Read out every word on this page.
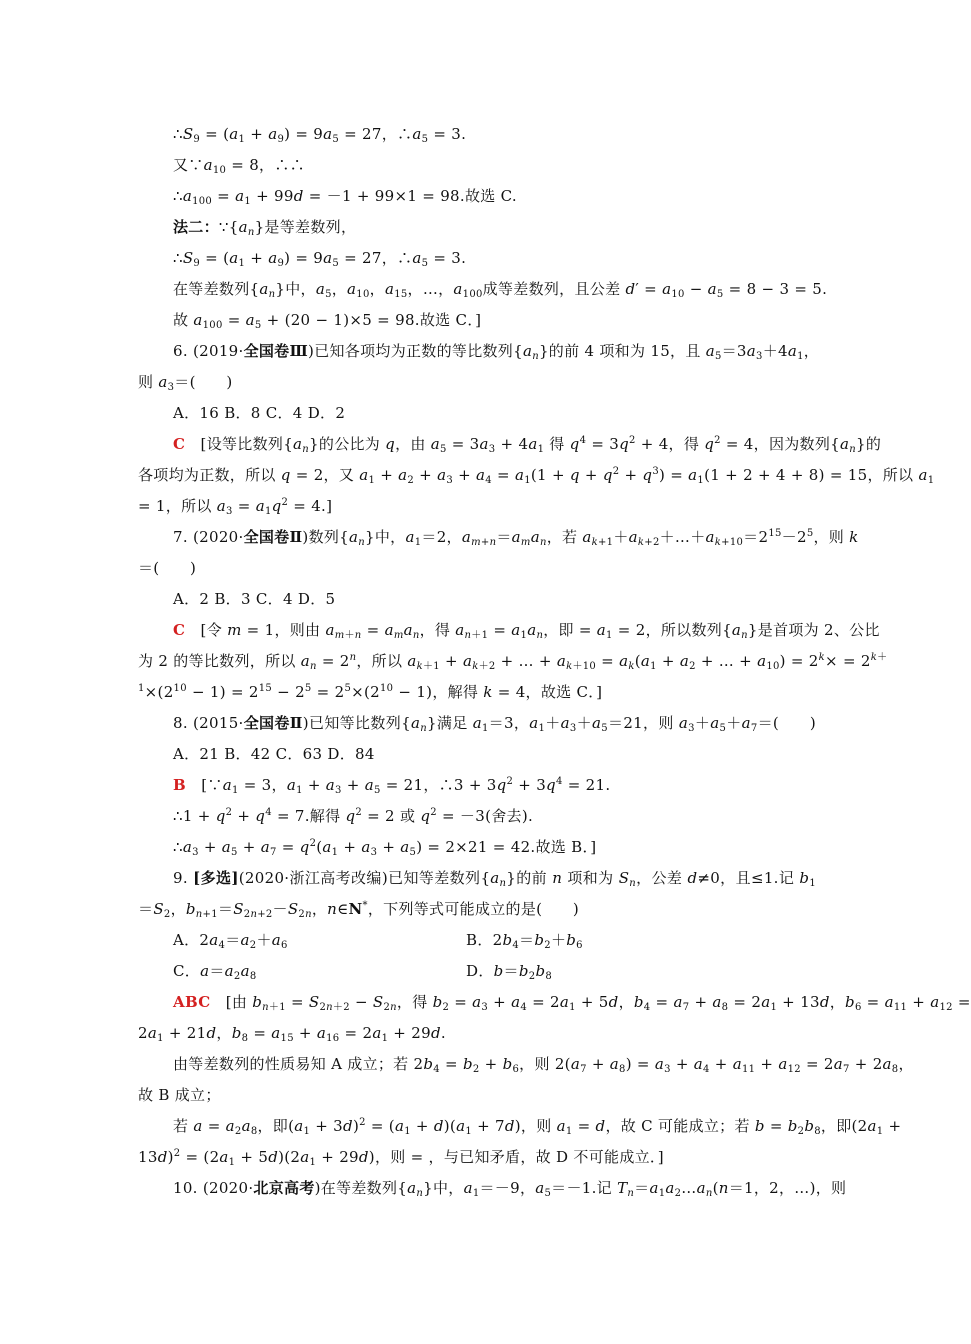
$\therefore S_9 = (a_1 + a_9) = 9a_5 = 27$，$\therefore a_5 = 3$.
又$\because a_{10} = 8$，∴∴
$\therefore a_{100} = a_1 + 99d = -1 + 99\times 1 = 98$.故选 C.
法二：$\because\{a_n\}$是等差数列，
$\therefore S_9 = (a_1 + a_9) = 9a_5 = 27$，$\therefore a_5 = 3$.
在等差数列$\{a_n\}$中，$a_5$，$a_{10}$，$a_{15}$，…，$a_{100}$成等差数列，且公差 $d' = a_{10} - a_5 = 8 - 3 = 5$.
故 $a_{100} = a_5 + (20 - 1)\times 5 = 98$.故选 C．]
6. (2019·全国卷Ⅲ)已知各项均为正数的等比数列$\{a_n\}$的前 4 项和为 15，且 $a_5=3a_3+4a_1$，
则 $a_3=$(　　)
A．16 B．8 C．4 D．2
C　[设等比数列$\{a_n\}$的公比为 q，由 $a_5 = 3a_3 + 4a_1$ 得 $q^4 = 3q^2 + 4$，得 $q^2 = 4$，因为数列$\{a_n\}$的
各项均为正数，所以 q = 2，又 $a_1 + a_2 + a_3 + a_4 = a_1(1 + q + q^2 + q^3) = a_1(1 + 2 + 4 + 8) = 15$，所以 $a_1$
= 1，所以 $a_3 = a_1q^2 = 4$.]
7. (2020·全国卷Ⅱ)数列$\{a_n\}$中，$a_1=2$，$a_{m+n}=a_ma_n$，若 $a_{k+1}+a_{k+2}+\dots+a_{k+10}=2^{15}-2^5$，则 k
＝(　　)
A．2 B．3 C．4 D．5
C　[令 m = 1，则由 $a_{m+n} = a_ma_n$，得 $a_{n+1} = a_1a_n$，即 = $a_1 = 2$，所以数列$\{a_n\}$是首项为 2、公比
为 2 的等比数列，所以 $a_n = 2^n$，所以 $a_{k+1} + a_{k+2}$ + … + $a_{k+10} = a_k(a_1 + a_2$ + … + $a_{10}) = 2^k\times = 2^{k+}$
$^1\times(2^{10} - 1) = 2^{15} - 2^5 = 2^5\times(2^{10} - 1)$，解得 k = 4，故选 C．]
8. (2015·全国卷Ⅱ)已知等比数列$\{a_n\}$满足 $a_1=3$，$a_1+a_3+a_5=21$，则 $a_3+a_5+a_7=$(　　)
A．21 B．42 C．63 D．84
B　[$\because a_1 = 3$，$a_1 + a_3 + a_5 = 21$，∴3 + $3q^2 + 3q^4 = 21$.
∴1 + $q^2 + q^4 = 7$.解得 $q^2 = 2$ 或 $q^2 = -3$(舍去).
$\therefore a_3 + a_5 + a_7 = q^2(a_1 + a_3 + a_5) = 2\times 21 = 42$.故选 B．]
9. [多选](2020·浙江高考改编)已知等差数列$\{a_n\}$的前 n 项和为 $S_n$，公差 d≠0，且≤1.记 $b_1$
$=S_2$，$b_{n+1}=S_{2n+2}-S_{2n}$，n∈N*，下列等式可能成立的是(　　)
A．$2a_4=a_2+a_6$	B．$2b_4=b_2+b_6$
C．$a=a_2a_8$	D．$b=b_2b_8$
ABC　[由 $b_{n+1} = S_{2n+2} - S_{2n}$，得 $b_2 = a_3 + a_4 = 2a_1 + 5d$，$b_4 = a_7 + a_8 = 2a_1 + 13d$，$b_6 = a_{11} + a_{12}$ =
$2a_1 + 21d$，$b_8 = a_{15} + a_{16} = 2a_1 + 29d$.
由等差数列的性质易知 A 成立；若 $2b_4 = b_2 + b_6$，则 $2(a_7 + a_8) = a_3 + a_4 + a_{11} + a_{12} = 2a_7 + 2a_8$，
故 B 成立；
若 $a = a_2a_8$，即$(a_1 + 3d)^2 = (a_1 + d)(a_1 + 7d)$，则 $a_1 = d$，故 C 可能成立；若 $b = b_2b_8$，即($2a_1$ +
$13d)^2 = (2a_1 + 5d)(2a_1 + 29d)$，则 = ，与已知矛盾，故 D 不可能成立．]
10. (2020·北京高考)在等差数列$\{a_n\}$中，$a_1=-9$，$a_5=-1$.记 $T_n=a_1a_2\dots a_n(n=1$，2，…)，则
